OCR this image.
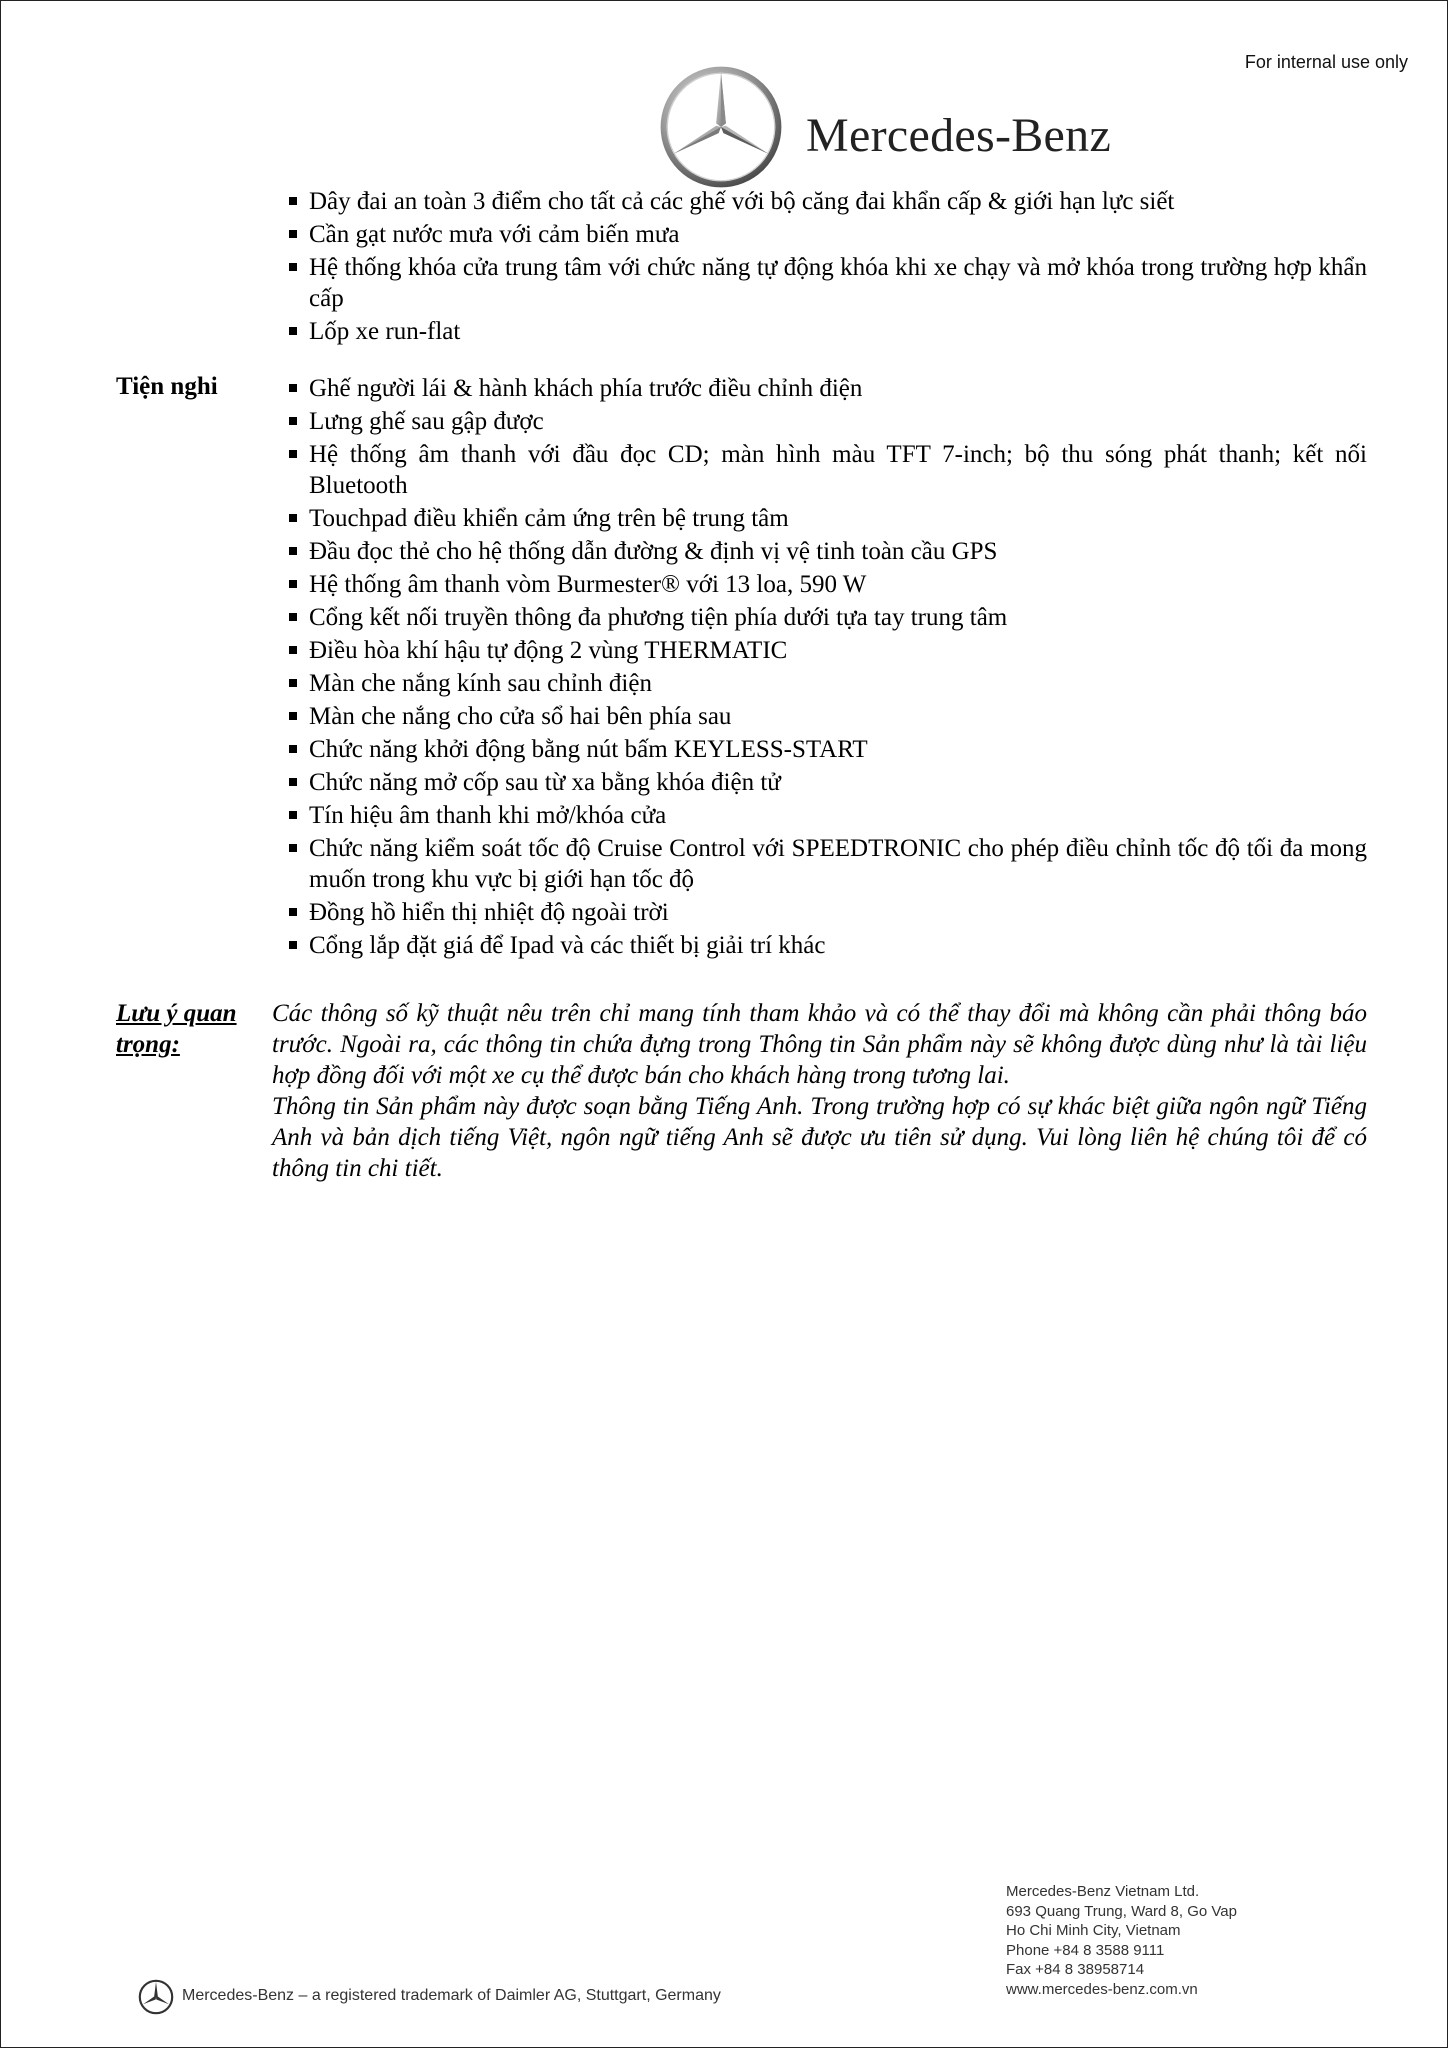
For internal use only
Mercedes-Benz
Dây đai an toàn 3 điểm cho tất cả các ghế với bộ căng đai khẩn cấp & giới hạn lực siết
Cần gạt nước mưa với cảm biến mưa
Hệ thống khóa cửa trung tâm với chức năng tự động khóa khi xe chạy và mở khóa trong trường hợp khẩn cấp
Lốp xe run-flat
Tiện nghi	Ghế người lái & hành khách phía trước điều chỉnh điện
Lưng ghế sau gập được
Hệ thống âm thanh với đầu đọc CD; màn hình màu TFT 7-inch; bộ thu sóng phát thanh; kết nối Bluetooth
Touchpad điều khiển cảm ứng trên bệ trung tâm
Đầu đọc thẻ cho hệ thống dẫn đường & định vị vệ tinh toàn cầu GPS
Hệ thống âm thanh vòm Burmester® với 13 loa, 590 W
Cổng kết nối truyền thông đa phương tiện phía dưới tựa tay trung tâm
Điều hòa khí hậu tự động 2 vùng THERMATIC
Màn che nắng kính sau chỉnh điện
Màn che nắng cho cửa sổ hai bên phía sau
Chức năng khởi động bằng nút bấm KEYLESS-START
Chức năng mở cốp sau từ xa bằng khóa điện tử
Tín hiệu âm thanh khi mở/khóa cửa
Chức năng kiểm soát tốc độ Cruise Control với SPEEDTRONIC cho phép điều chỉnh tốc độ tối đa mong muốn trong khu vực bị giới hạn tốc độ
Đồng hồ hiển thị nhiệt độ ngoài trời
Cổng lắp đặt giá để Ipad và các thiết bị giải trí khác
Lưu ý quan trọng:

Các thông số kỹ thuật nêu trên chỉ mang tính tham khảo và có thể thay đổi mà không cần phải thông báo trước. Ngoài ra, các thông tin chứa đựng trong Thông tin Sản phẩm này sẽ không được dùng như là tài liệu hợp đồng đối với một xe cụ thể được bán cho khách hàng trong tương lai.

Thông tin Sản phẩm này được soạn bằng Tiếng Anh. Trong trường hợp có sự khác biệt giữa ngôn ngữ Tiếng Anh và bản dịch tiếng Việt, ngôn ngữ tiếng Anh sẽ được ưu tiên sử dụng. Vui lòng liên hệ chúng tôi để có thông tin chi tiết.

Mercedes-Benz Vietnam Ltd.
693 Quang Trung, Ward 8, Go Vap
Ho Chi Minh City, Vietnam
Phone +84 8 3588 9111
Fax +84 8 38958714
www.mercedes-benz.com.vn
Mercedes-Benz – a registered trademark of Daimler AG, Stuttgart, Germany
